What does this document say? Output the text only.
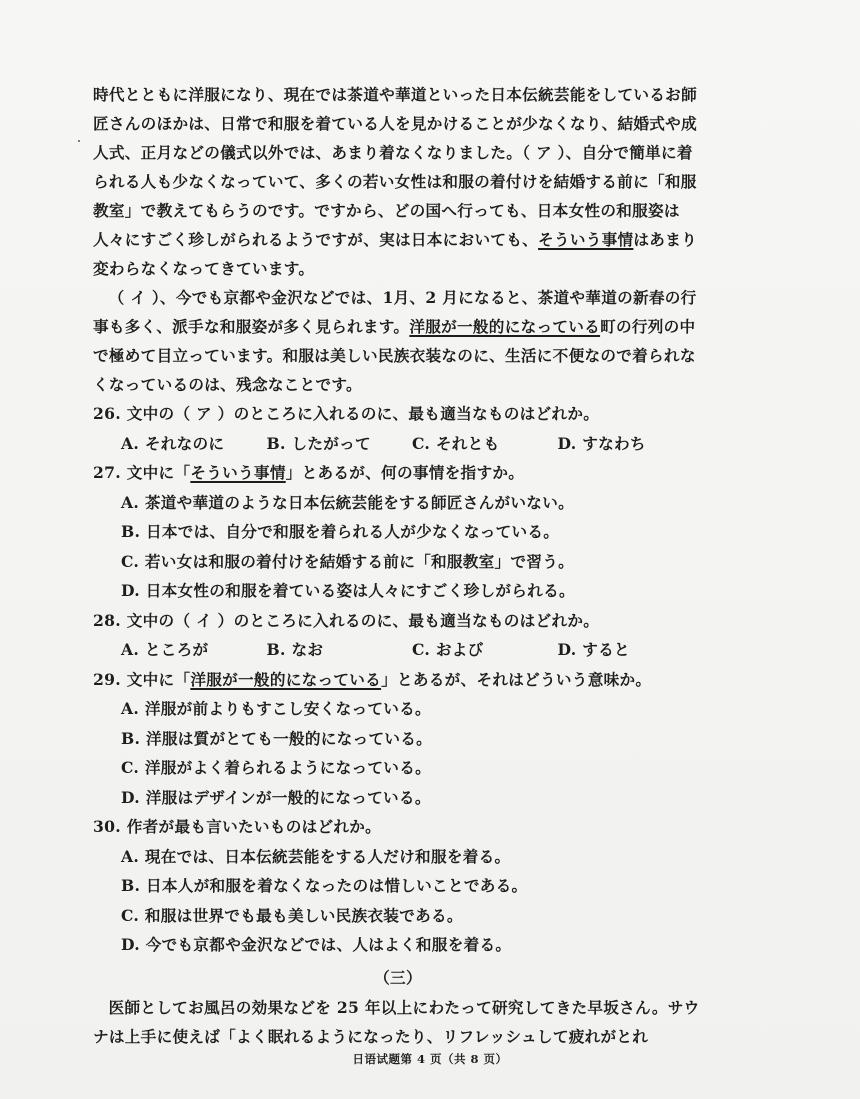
時代とともに洋服になり、現在では茶道や華道といった日本伝統芸能をしているお師匠さんのほかは、日常で和服を着ている人を見かけることが少なくなり、結婚式や成人式、正月などの儀式以外では、あまり着なくなりました。（ ア ）、自分で簡単に着られる人も少なくなっていて、多くの若い女性は和服の着付けを結婚する前に「和服教室」で教えてもらうのです。ですから、どの国へ行っても、日本女性の和服姿は人々にすごく珍しがられるようですが、実は日本においても、そういう事情はあまり変わらなくなってきています。

（ イ ）、今でも京都や金沢などでは、1月、2 月になると、茶道や華道の新春の行事も多く、派手な和服姿が多く見られます。洋服が一般的になっている町の行列の中で極めて目立っています。和服は美しい民族衣装なのに、生活に不便なので着られなくなっているのは、残念なことです。

26. 文中の（ ア ）のところに入れるのに、最も適当なものはどれか。

A. それなのに	B. したがって	C. それとも	D. すなわち

27. 文中に「そういう事情」とあるが、何の事情を指すか。

A. 茶道や華道のような日本伝統芸能をする師匠さんがいない。

B. 日本では、自分で和服を着られる人が少なくなっている。

C. 若い女は和服の着付けを結婚する前に「和服教室」で習う。

D. 日本女性の和服を着ている姿は人々にすごく珍しがられる。

28. 文中の（ イ ）のところに入れるのに、最も適当なものはどれか。

A. ところが	B. なお	C. および	D. すると

29. 文中に「洋服が一般的になっている」とあるが、それはどういう意味か。

A. 洋服が前よりもすこし安くなっている。

B. 洋服は質がとても一般的になっている。

C. 洋服がよく着られるようになっている。

D. 洋服はデザインが一般的になっている。

30. 作者が最も言いたいものはどれか。

A. 現在では、日本伝統芸能をする人だけ和服を着る。

B. 日本人が和服を着なくなったのは惜しいことである。

C. 和服は世界でも最も美しい民族衣装である。

D. 今でも京都や金沢などでは、人はよく和服を着る。

（三）

医師としてお風呂の効果などを 25 年以上にわたって研究してきた早坂さん。サウナは上手に使えば「よく眠れるようになったり、リフレッシュして疲れがとれ

日语试题第 4 页（共 8 页）
